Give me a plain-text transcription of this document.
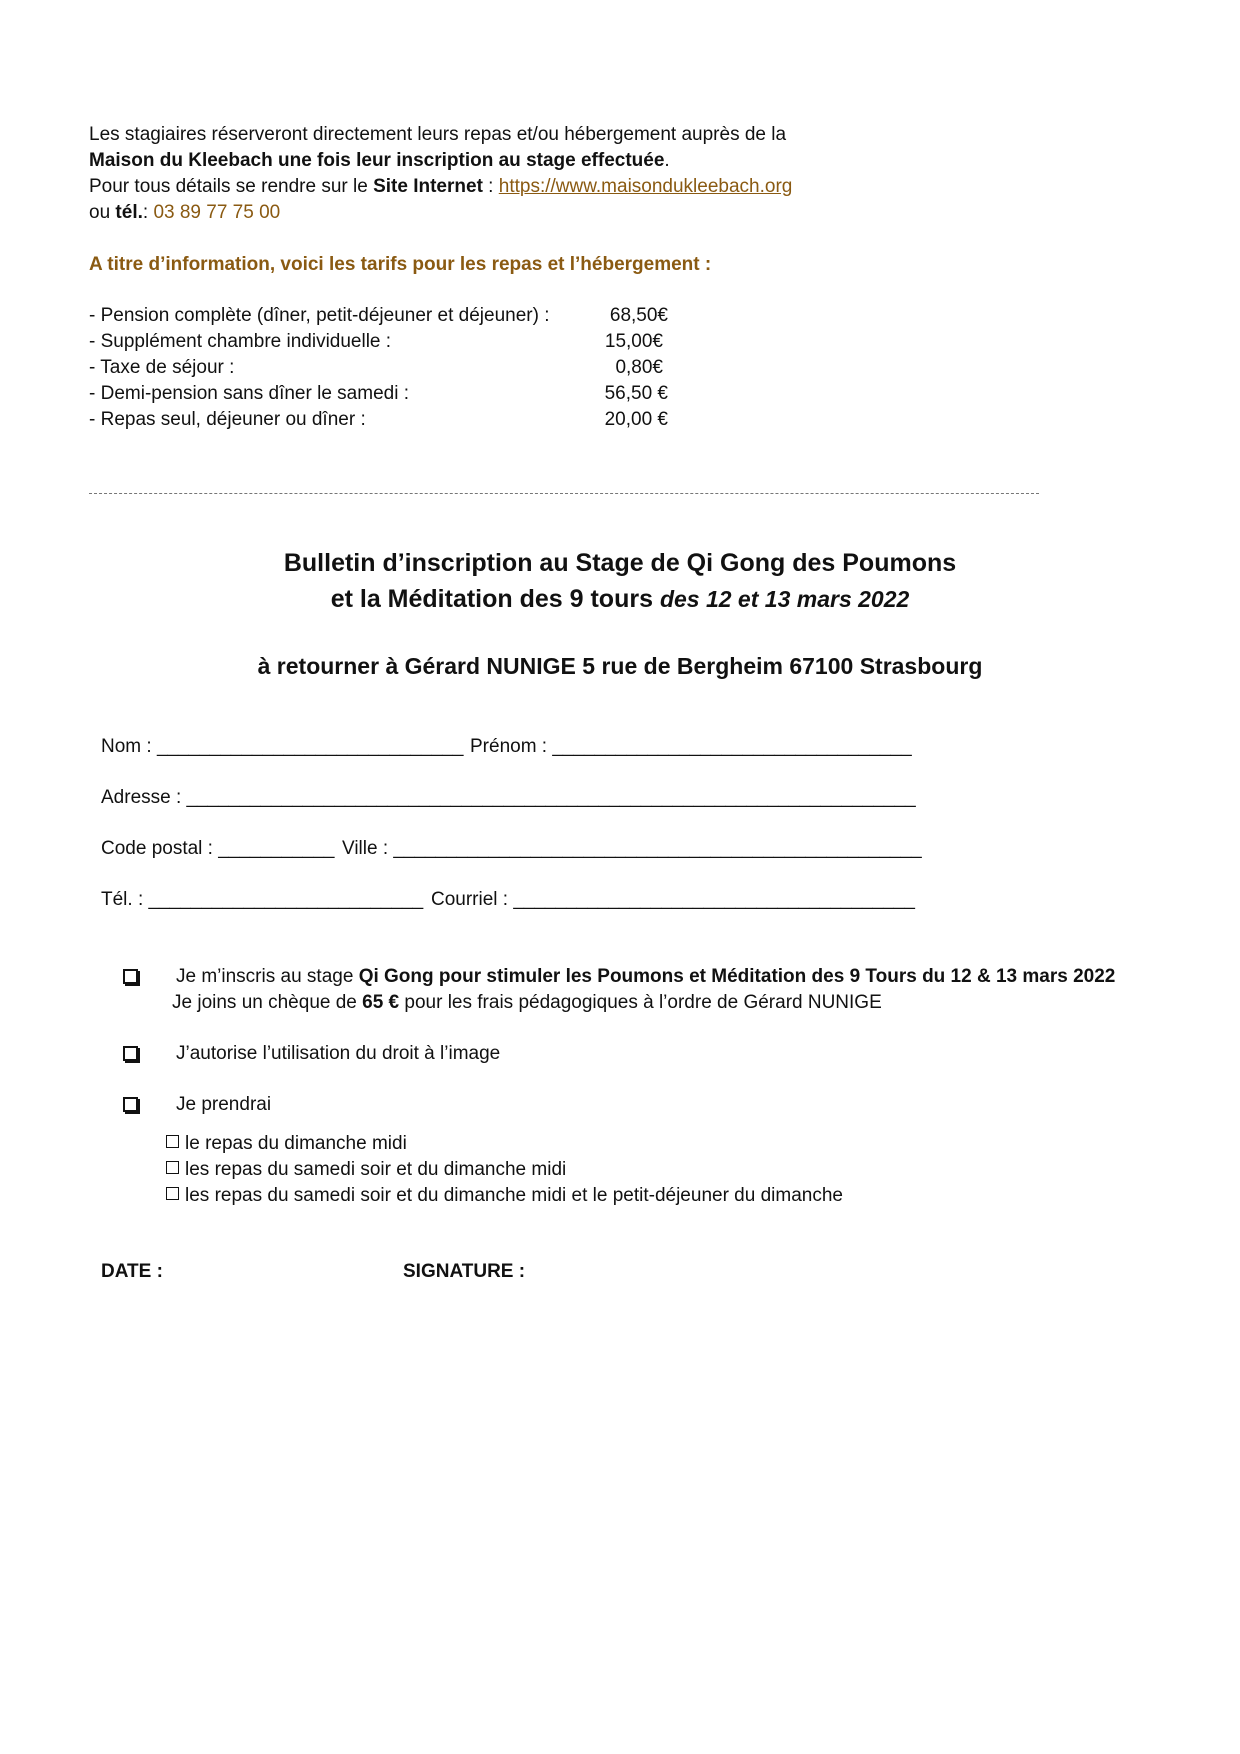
Les stagiaires réserveront directement leurs repas et/ou hébergement auprès de la
Maison du Kleebach une fois leur inscription au stage effectuée.
Pour tous détails se rendre sur le Site Internet : https://www.maisondukleebach.org
ou tél.: 03 89 77 75 00
A titre d’information, voici les tarifs pour les repas et l’hébergement :
- Pension complète (dîner, petit-déjeuner et déjeuner) :	68,50€
- Supplément chambre individuelle :	15,00€
- Taxe de séjour :	0,80€
- Demi-pension sans dîner le samedi :	56,50 €
- Repas seul, déjeuner ou dîner :	20,00 €
Bulletin d’inscription au Stage de Qi Gong des Poumons
et la Méditation des 9 tours des 12 et 13 mars 2022
à retourner à Gérard NUNIGE 5 rue de Bergheim 67100 Strasbourg
Nom : _____________________________ Prénom : __________________________________
Adresse : _____________________________________________________________________
Code postal : ___________ Ville : __________________________________________________
Tél. : __________________________ Courriel : ______________________________________
Je m’inscris au stage Qi Gong pour stimuler les Poumons et Méditation des 9 Tours du 12 & 13 mars 2022
Je joins un chèque de 65 € pour les frais pédagogiques à l’ordre de Gérard NUNIGE
J’autorise l’utilisation du droit à l’image
Je prendrai
le repas du dimanche midi
les repas du samedi soir et du dimanche midi
les repas du samedi soir et du dimanche midi et le petit-déjeuner du dimanche
DATE :	SIGNATURE :
